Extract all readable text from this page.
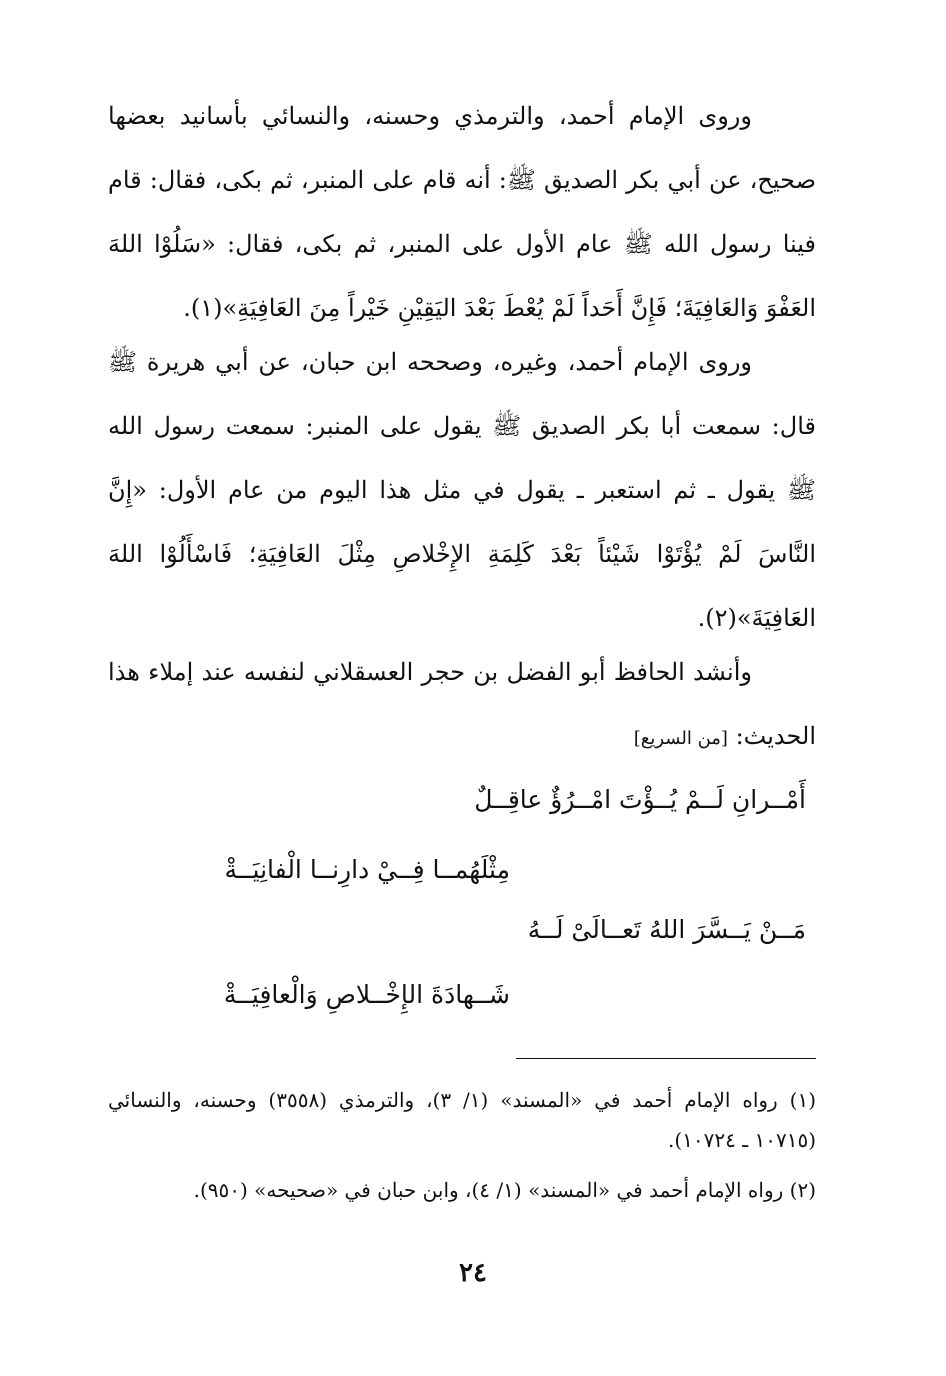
وروى الإمام أحمد، والترمذي وحسنه، والنسائي بأسانيد بعضها صحيح، عن أبي بكر الصديق ﷺ: أنه قام على المنبر، ثم بكى، فقال: قام فينا رسول الله ﷺ عام الأول على المنبر، ثم بكى، فقال: «سَلُوْا اللهَ العَفْوَ وَالعَافِيَةَ؛ فَإِنَّ أَحَداً لَمْ يُعْطَ بَعْدَ اليَقِيْنِ خَيْراً مِنَ العَافِيَةِ»(١).

وروى الإمام أحمد، وغيره، وصححه ابن حبان، عن أبي هريرة ﷺ قال: سمعت أبا بكر الصديق ﷺ يقول على المنبر: سمعت رسول الله ﷺ يقول ـ ثم استعبر ـ يقول في مثل هذا اليوم من عام الأول: «إِنَّ النَّاسَ لَمْ يُؤْتَوْا شَيْئاً بَعْدَ كَلِمَةِ الإِخْلاصِ مِثْلَ العَافِيَةِ؛ فَاسْأَلُوْا اللهَ العَافِيَةَ»(٢).

وأنشد الحافظ أبو الفضل بن حجر العسقلاني لنفسه عند إملاء هذا الحديث: [من السريع]

أَمْــرانِ لَــمْ يُــؤْتَ امْــرُؤٌ عاقِــلٌ
مِثْلَهُمــا فِــيْ دارِنــا الْفانِيَــةْ
مَــنْ يَــسَّرَ اللهُ تَعــالَىْ لَــهُ
شَــهادَةَ الإِخْــلاصِ وَالْعافِيَــةْ

(١) رواه الإمام أحمد في «المسند» (١/ ٣)، والترمذي (٣٥٥٨) وحسنه، والنسائي (١٠٧١٥ ـ ١٠٧٢٤).

(٢) رواه الإمام أحمد في «المسند» (١/ ٤)، وابن حبان في «صحيحه» (٩٥٠).

٢٤
